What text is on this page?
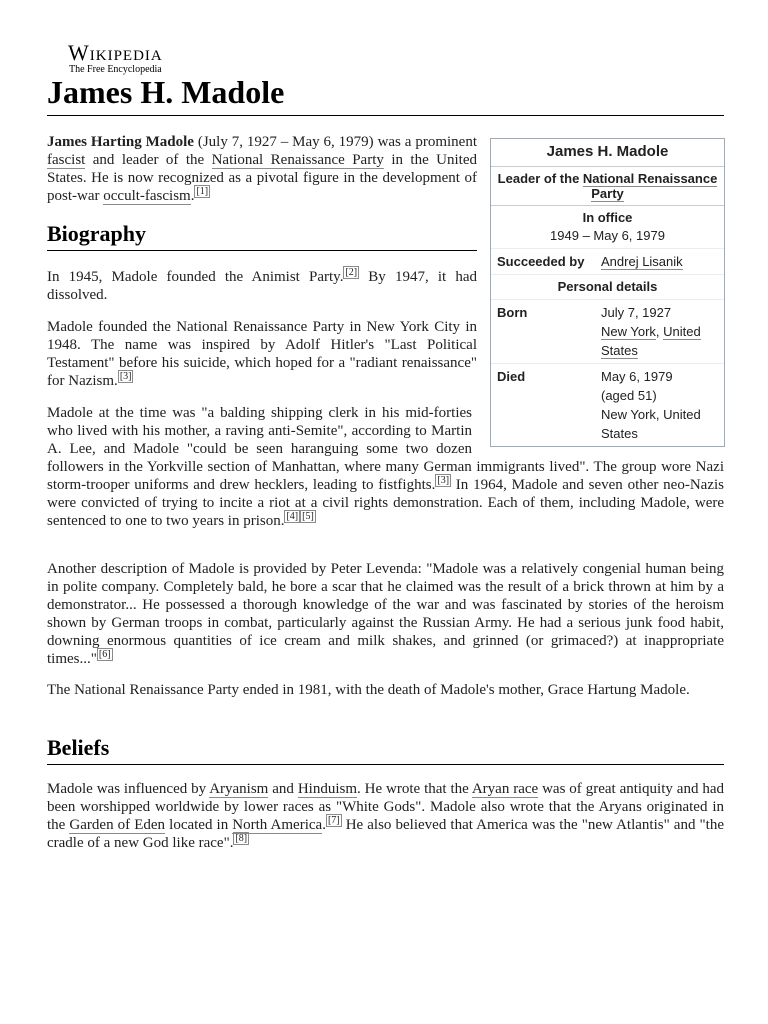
Wikipedia
The Free Encyclopedia
James H. Madole
James H. Madole
Leader of the National Renaissance Party
In office
1949 – May 6, 1979
Succeeded by	Andrej Lisanik
Personal details
Born	July 7, 1927
New York, United States
Died	May 6, 1979
(aged 51)
New York, United States

James Harting Madole (July 7, 1927 – May 6, 1979) was a prominent fascist and leader of the National Renaissance Party in the United States. He is now recognized as a pivotal figure in the development of post-war occult-fascism. [1]

Biography

In 1945, Madole founded the Animist Party. [2] By 1947, it had dissolved.

Madole founded the National Renaissance Party in New York City in 1948. The name was inspired by Adolf Hitler's "Last Political Testament" before his suicide, which hoped for a "radiant renaissance" for Nazism. [3]

Madole at the time was "a balding shipping clerk in his mid-forties who lived with his mother, a raving anti-Semite", according to Martin A. Lee, and Madole "could be seen haranguing some two dozen followers in the Yorkville section of Manhattan, where many German immigrants lived". The group wore Nazi storm-trooper uniforms and drew hecklers, leading to fistfights. [3] In 1964, Madole and seven other neo-Nazis were convicted of trying to incite a riot at a civil rights demonstration. Each of them, including Madole, were sentenced to one to two years in prison. [4] [5]

Another description of Madole is provided by Peter Levenda: "Madole was a relatively congenial human being in polite company. Completely bald, he bore a scar that he claimed was the result of a brick thrown at him by a demonstrator... He possessed a thorough knowledge of the war and was fascinated by stories of the heroism shown by German troops in combat, particularly against the Russian Army. He had a serious junk food habit, downing enormous quantities of ice cream and milk shakes, and grinned (or grimaced?) at inappropriate times..." [6]

The National Renaissance Party ended in 1981, with the death of Madole's mother, Grace Hartung Madole.

Beliefs

Madole was influenced by Aryanism and Hinduism. He wrote that the Aryan race was of great antiquity and had been worshipped worldwide by lower races as "White Gods". Madole also wrote that the Aryans originated in the Garden of Eden located in North America. [7] He also believed that America was the "new Atlantis" and "the cradle of a new God like race". [8]
